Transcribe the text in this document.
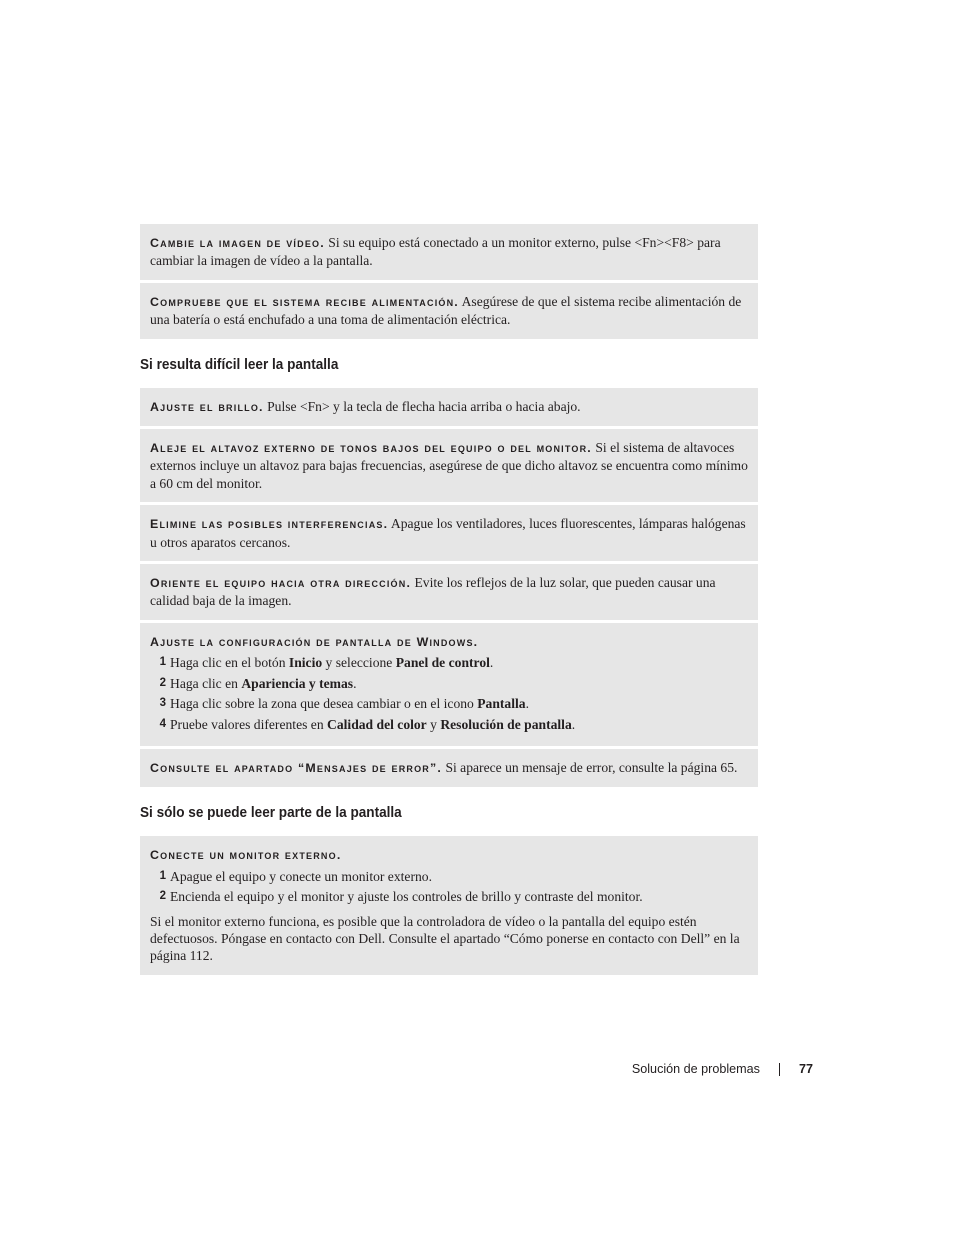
Cambie la imagen de vídeo. Si su equipo está conectado a un monitor externo, pulse <Fn><F8> para cambiar la imagen de vídeo a la pantalla.
Compruebe que el sistema recibe alimentación. Asegúrese de que el sistema recibe alimentación de una batería o está enchufado a una toma de alimentación eléctrica.
Si resulta difícil leer la pantalla
Ajuste el brillo. Pulse <Fn> y la tecla de flecha hacia arriba o hacia abajo.
Aleje el altavoz externo de tonos bajos del equipo o del monitor. Si el sistema de altavoces externos incluye un altavoz para bajas frecuencias, asegúrese de que dicho altavoz se encuentra como mínimo a 60 cm del monitor.
Elimine las posibles interferencias. Apague los ventiladores, luces fluorescentes, lámparas halógenas u otros aparatos cercanos.
Oriente el equipo hacia otra dirección. Evite los reflejos de la luz solar, que pueden causar una calidad baja de la imagen.
Ajuste la configuración de pantalla de Windows.
1 Haga clic en el botón Inicio y seleccione Panel de control.
2 Haga clic en Apariencia y temas.
3 Haga clic sobre la zona que desea cambiar o en el icono Pantalla.
4 Pruebe valores diferentes en Calidad del color y Resolución de pantalla.
Consulte el apartado “Mensajes de error”. Si aparece un mensaje de error, consulte la página 65.
Si sólo se puede leer parte de la pantalla
Conecte un monitor externo.
1 Apague el equipo y conecte un monitor externo.
2 Encienda el equipo y el monitor y ajuste los controles de brillo y contraste del monitor.

Si el monitor externo funciona, es posible que la controladora de vídeo o la pantalla del equipo estén defectuosos. Póngase en contacto con Dell. Consulte el apartado “Cómo ponerse en contacto con Dell” en la página 112.

Solución de problemas	77
